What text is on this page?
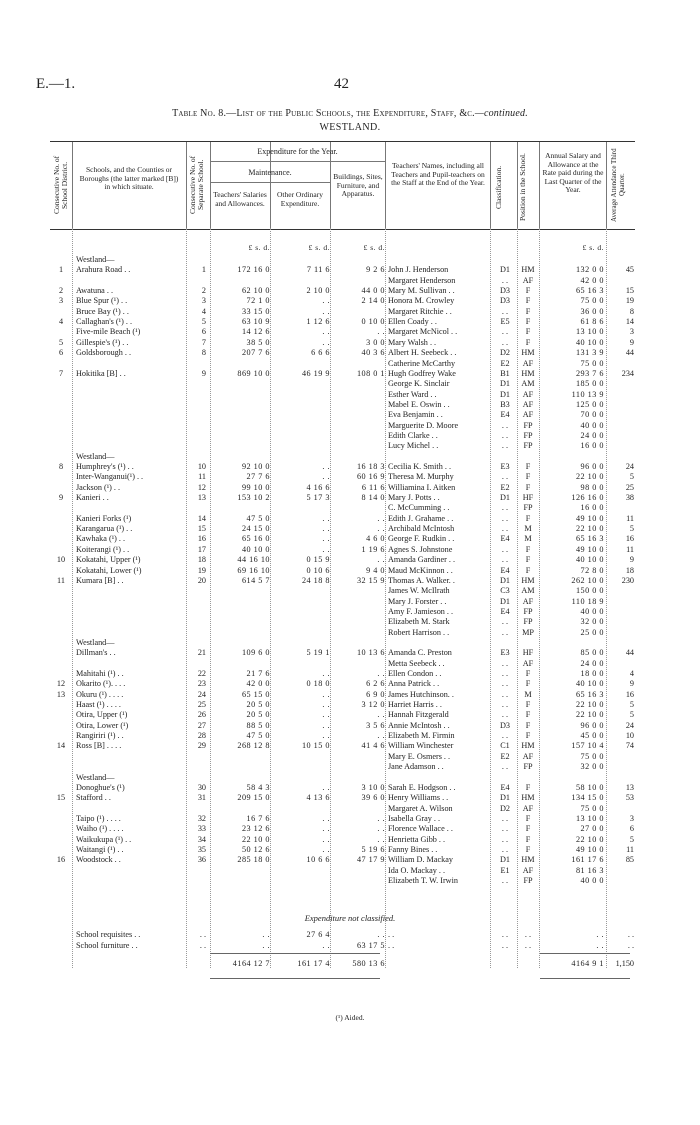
E.—1.	42
Table No. 8.—List of the Public Schools, the Expenditure, Staff, &c.—continued.
WESTLAND.
Consecutive No. of School District.	Schools, and the Counties or Boroughs (the latter marked [B]) in which situate.	Consecutive No. of Separate School.
Expenditure for the Year.
Maintenance.
Teachers' Salaries and Allowances.
Other Ordinary Expenditure.
Buildings, Sites, Furniture, and Apparatus.
Teachers' Names, including all Teachers and Pupil-teachers on the Staff at the End of the Year.	Classification.	Position in the School.	Annual Salary and Allowance at the Rate paid during the Last Quarter of the Year.	Average Attendance Third Quarter.
£ s. d.	£ s. d.	£ s. d.	£ s. d.
Westland—
1	Arahura Road . .	1	172 16 0	7 11 6	9 2 6 John J. Henderson	D1	HM	132 0 0	45
Margaret Henderson	. .	AF	42 0 0
2	Awatuna . .	2	62 10 0	2 10 0	44 0 0 Mary M. Sullivan . .	D3	F	65 16 3	15
3	Blue Spur (¹) . .	3	72 1 0	. .	2 14 0 Honora M. Crowley	D3	F	75 0 0	19
Bruce Bay (¹) . .	4	33 15 0	. .	Margaret Ritchie . .	. .	F	36 0 0	8
4	Callaghan's (¹) . .	5	63 10 9	1 12 6	0 10 0 Ellen Coady . .	E5	F	61 8 6	14
Five-mile Beach (¹)	6	14 12 6	. .	. . Margaret McNicol . .	. .	F	13 10 0	3
5	Gillespie's (¹) . .	7	38 5 0	. .	3 0 0 Mary Walsh . .	. .	F	40 10 0	9
6	Goldsborough . .	8	207 7 6	6 6 6	40 3 6 Albert H. Seebeck . .	D2	HM	131 3 9	44
Catherine McCarthy	E2	AF	75 0 0
7	Hokitika [B] . .	9	869 10 0	46 19 9	108 0 1 Hugh Godfrey Wake	B1	HM	293 7 6	234
George K. Sinclair	D1	AM	185 0 0
Esther Ward . .	D1	AF	110 13 9
Mabel E. Oswin . .	B3	AF	125 0 0
Eva Benjamin . .	E4	AF	70 0 0
Marguerite D. Moore	. .	FP	40 0 0
Edith Clarke . .	. .	FP	24 0 0
Lucy Michel . .	. .	FP	16 0 0
Westland—
8	Humphrey's (¹) . .	10	92 10 0	. .	16 18 3 Cecilia K. Smith . .	E3	F	96 0 0	24
Inter-Wanganui(¹) . .	11	27 7 6	. .	60 16 9 Theresa M. Murphy	. .	F	22 10 0	5
Jackson (¹) . .	12	99 10 0	4 16 6	6 11 6 Williamina I. Aitken	E2	F	98 0 0	25
9	Kanieri . .	13	153 10 2	5 17 3	8 14 0 Mary J. Potts . .	D1	HF	126 16 0	38
C. McCumming . .	. .	FP	16 0 0
Kanieri Forks (¹)	14	47 5 0	. .	. . Edith J. Grahame . .	. .	F	49 10 0	11
Karangarua (¹) . .	15	24 15 0	. .	. . Archibald McIntosh	. .	M	22 10 0	5
Kawhaka (¹) . .	16	65 16 0	. .	4 6 0 George F. Rudkin . .	E4	M	65 16 3	16
Koiterangi (¹) . .	17	40 10 0	. .	1 19 6 Agnes S. Johnstone	. .	F	49 10 0	11
10	Kokatahi, Upper (¹)	18	44 16 10	0 15 9	. . Amanda Gardiner . .	. .	F	40 10 0	9
Kokatahi, Lower (¹)	19	69 16 10	0 10 6	9 4 0 Maud McKinnon . .	E4	F	72 8 0	18
11	Kumara [B] . .	20	614 5 7	24 18 8	32 15 9 Thomas A. Walker. .	D1	HM	262 10 0	230
James W. McIlrath	C3	AM	150 0 0
Mary J. Forster . .	D1	AF	110 18 9
Amy F. Jamieson . .	E4	FP	40 0 0
Elizabeth M. Stark	. .	FP	32 0 0
Robert Harrison . .	. .	MP	25 0 0
Westland—
Dillman's . .	21	109 6 0	5 19 1	10 13 6 Amanda C. Preston	E3	HF	85 0 0	44
Metta Seebeck . .	. .	AF	24 0 0
Mahitahi (¹) . .	22	21 7 6	. .	. . Ellen Condon . .	. .	F	18 0 0	4
12	Okarito (¹). . . .	23	42 0 0	0 18 0	6 2 6 Anna Patrick . .	. .	F	40 10 0	9
13	Okuru (¹) . . . .	24	65 15 0	. .	6 9 0 James Hutchinson. .	. .	M	65 16 3	16
Haast (¹) . . . .	25	20 5 0	. .	3 12 0 Harriet Harris . .	. .	F	22 10 0	5
Otira, Upper (¹)	26	20 5 0	. .	. . Hannah Fitzgerald	. .	F	22 10 0	5
Otira, Lower (¹)	27	88 5 0	. .	3 5 6 Annie McIntosh . .	D3	F	96 0 0	24
Rangiriri (¹) . .	28	47 5 0	. .	. . Elizabeth M. Firmin	. .	F	45 0 0	10
14	Ross [B] . . . .	29	268 12 8	10 15 0	41 4 6 William Winchester	C1	HM	157 10 4	74
Mary E. Osmers . .	E2	AF	75 0 0
Jane Adamson . .	. .	FP	32 0 0
Westland—
Donoghue's (¹)	30	58 4 3	. .	3 10 0 Sarah E. Hodgson . .	E4	F	58 10 0	13
15	Stafford . .	31	209 15 0	4 13 6	39 6 0 Henry Williams . .	D1	HM	134 15 0	53
Margaret A. Wilson	D2	AF	75 0 0
Taipo (¹) . . . .	32	16 7 6	. .	. . Isabella Gray . .	. .	F	13 10 0	3
Waiho (¹) . . . .	33	23 12 6	. .	. . Florence Wallace . .	. .	F	27 0 0	6
Waikukupa (¹) . .	34	22 10 0	. .	. . Henrietta Gibb . .	. .	F	22 10 0	5
Waitangi (¹) . .	35	50 12 6	. .	5 19 6 Fanny Bines . .	. .	F	49 10 0	11
16	Woodstock . .	36	285 18 0	10 6 6	47 17 9 William D. Mackay	D1	HM	161 17 6	85
Ida O. Mackay . .	E1	AF	81 16 3
Elizabeth T. W. Irwin	. .	FP	40 0 0
Expenditure not classified.
School requisites . .	. .	. .	27 6 4	. . . .	. .	. .	. .	. .
School furniture . .	. .	. .	. .	63 17 5 . .	. .	. .	. .	. .
4164 12 7	161 17 4	580 13 6	4164 9 1	1,150
(¹) Aided.
